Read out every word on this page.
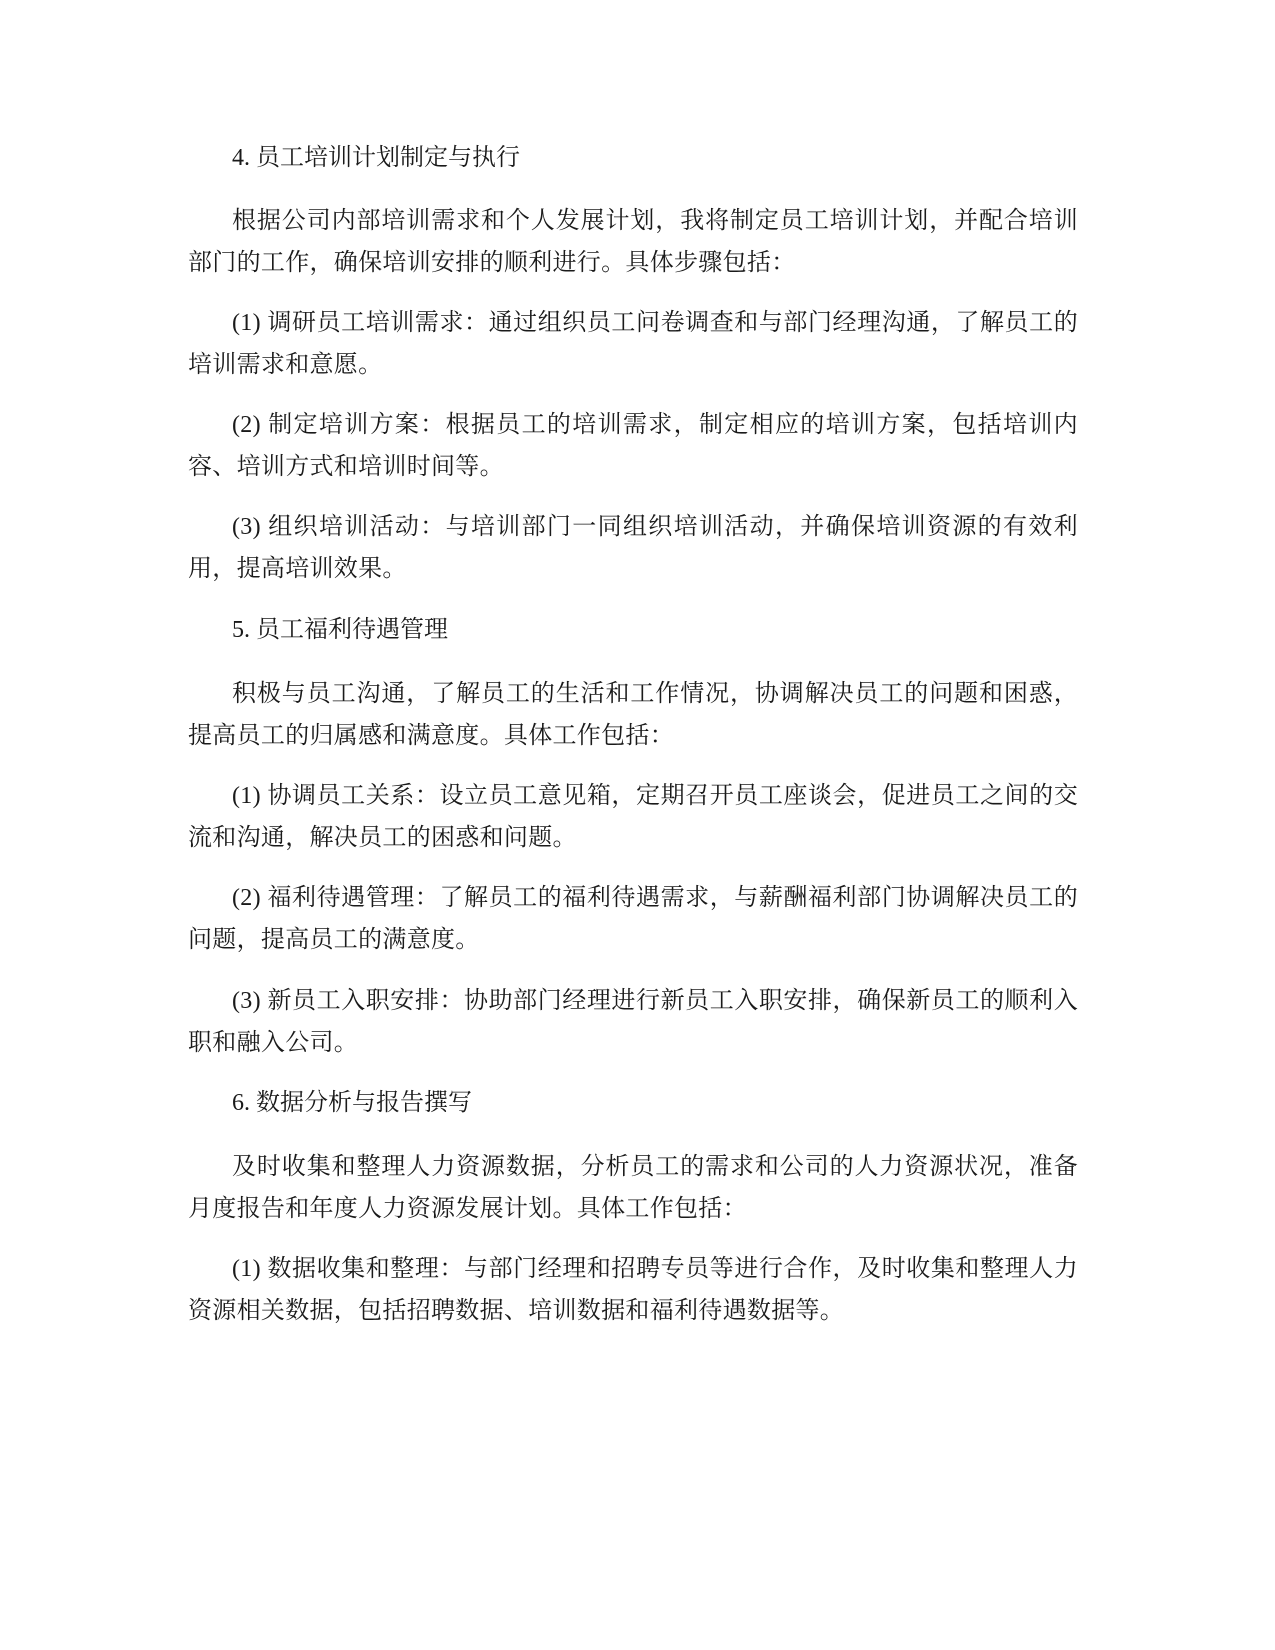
4. 员工培训计划制定与执行

根据公司内部培训需求和个人发展计划，我将制定员工培训计划，并配合培训部门的工作，确保培训安排的顺利进行。具体步骤包括：

(1) 调研员工培训需求：通过组织员工问卷调查和与部门经理沟通，了解员工的培训需求和意愿。

(2) 制定培训方案：根据员工的培训需求，制定相应的培训方案，包括培训内容、培训方式和培训时间等。

(3) 组织培训活动：与培训部门一同组织培训活动，并确保培训资源的有效利用，提高培训效果。

5. 员工福利待遇管理

积极与员工沟通，了解员工的生活和工作情况，协调解决员工的问题和困惑，提高员工的归属感和满意度。具体工作包括：

(1) 协调员工关系：设立员工意见箱，定期召开员工座谈会，促进员工之间的交流和沟通，解决员工的困惑和问题。

(2) 福利待遇管理：了解员工的福利待遇需求，与薪酬福利部门协调解决员工的问题，提高员工的满意度。

(3) 新员工入职安排：协助部门经理进行新员工入职安排，确保新员工的顺利入职和融入公司。

6. 数据分析与报告撰写

及时收集和整理人力资源数据，分析员工的需求和公司的人力资源状况，准备月度报告和年度人力资源发展计划。具体工作包括：

(1) 数据收集和整理：与部门经理和招聘专员等进行合作，及时收集和整理人力资源相关数据，包括招聘数据、培训数据和福利待遇数据等。
